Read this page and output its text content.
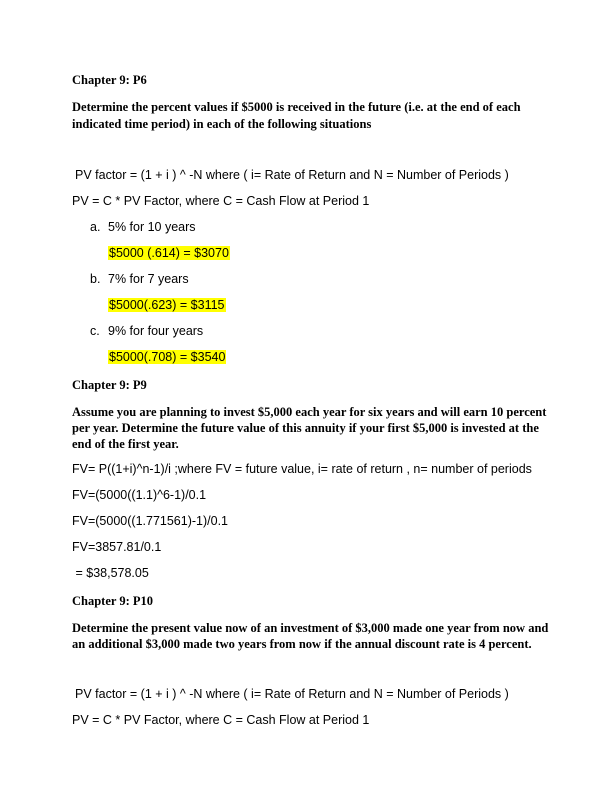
Chapter 9: P6
Determine the percent values if $5000 is received in the future (i.e. at the end of each
indicated time period) in each of the following situations
PV factor = (1 + i ) ^ -N where ( i= Rate of Return and N = Number of Periods )
PV = C * PV Factor, where C = Cash Flow at Period 1
a. 5% for 10 years
$5000 (.614) = $3070
b. 7% for 7 years
$5000(.623) = $3115
c. 9% for four years
$5000(.708) = $3540
Chapter 9: P9
Assume you are planning to invest $5,000 each year for six years and will earn 10 percent
per year. Determine the future value of this annuity if your first $5,000 is invested at the
end of the first year.
FV= P((1+i)^n-1)/i ;where FV = future value, i= rate of return , n= number of periods
FV=(5000((1.1)^6-1)/0.1
FV=(5000((1.771561)-1)/0.1
FV=3857.81/0.1
= $38,578.05
Chapter 9: P10
Determine the present value now of an investment of $3,000 made one year from now and
an additional $3,000 made two years from now if the annual discount rate is 4 percent.
PV factor = (1 + i ) ^ -N where ( i= Rate of Return and N = Number of Periods )
PV = C * PV Factor, where C = Cash Flow at Period 1
